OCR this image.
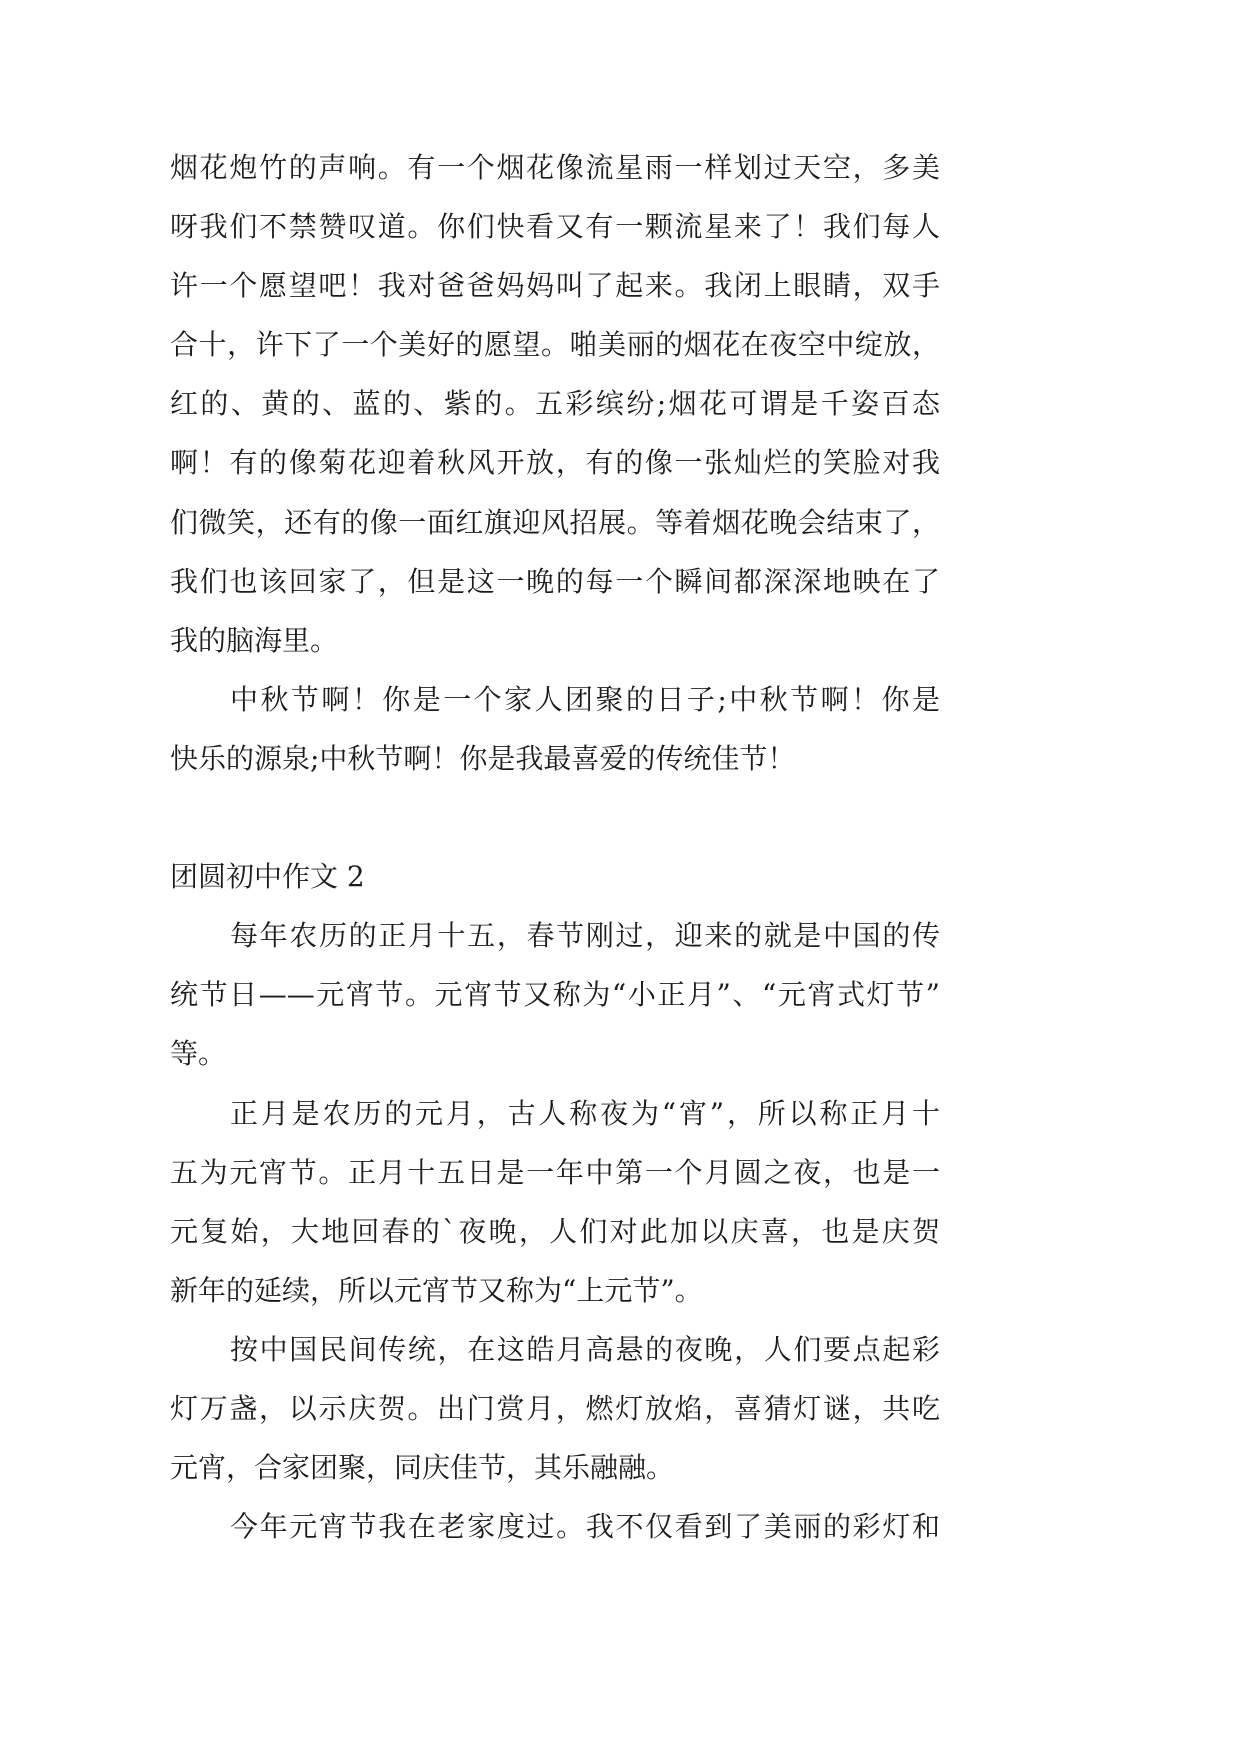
烟花炮竹的声响。有一个烟花像流星雨一样划过天空，多美
呀我们不禁赞叹道。你们快看又有一颗流星来了！我们每人
许一个愿望吧！我对爸爸妈妈叫了起来。我闭上眼睛，双手
合十，许下了一个美好的愿望。啪美丽的烟花在夜空中绽放，
红的、黄的、蓝的、紫的。五彩缤纷;烟花可谓是千姿百态
啊！有的像菊花迎着秋风开放，有的像一张灿烂的笑脸对我
们微笑，还有的像一面红旗迎风招展。等着烟花晚会结束了，
我们也该回家了，但是这一晚的每一个瞬间都深深地映在了
我的脑海里。
中秋节啊！你是一个家人团聚的日子;中秋节啊！你是
快乐的源泉;中秋节啊！你是我最喜爱的传统佳节！
团圆初中作文 2
每年农历的正月十五，春节刚过，迎来的就是中国的传
统节日——元宵节。元宵节又称为“小正月”、“元宵式灯节”
等。
正月是农历的元月，古人称夜为“宵”，所以称正月十
五为元宵节。正月十五日是一年中第一个月圆之夜，也是一
元复始，大地回春的`夜晚，人们对此加以庆喜，也是庆贺
新年的延续，所以元宵节又称为“上元节”。
按中国民间传统，在这皓月高悬的夜晚，人们要点起彩
灯万盏，以示庆贺。出门赏月，燃灯放焰，喜猜灯谜，共吃
元宵，合家团聚，同庆佳节，其乐融融。
今年元宵节我在老家度过。我不仅看到了美丽的彩灯和
